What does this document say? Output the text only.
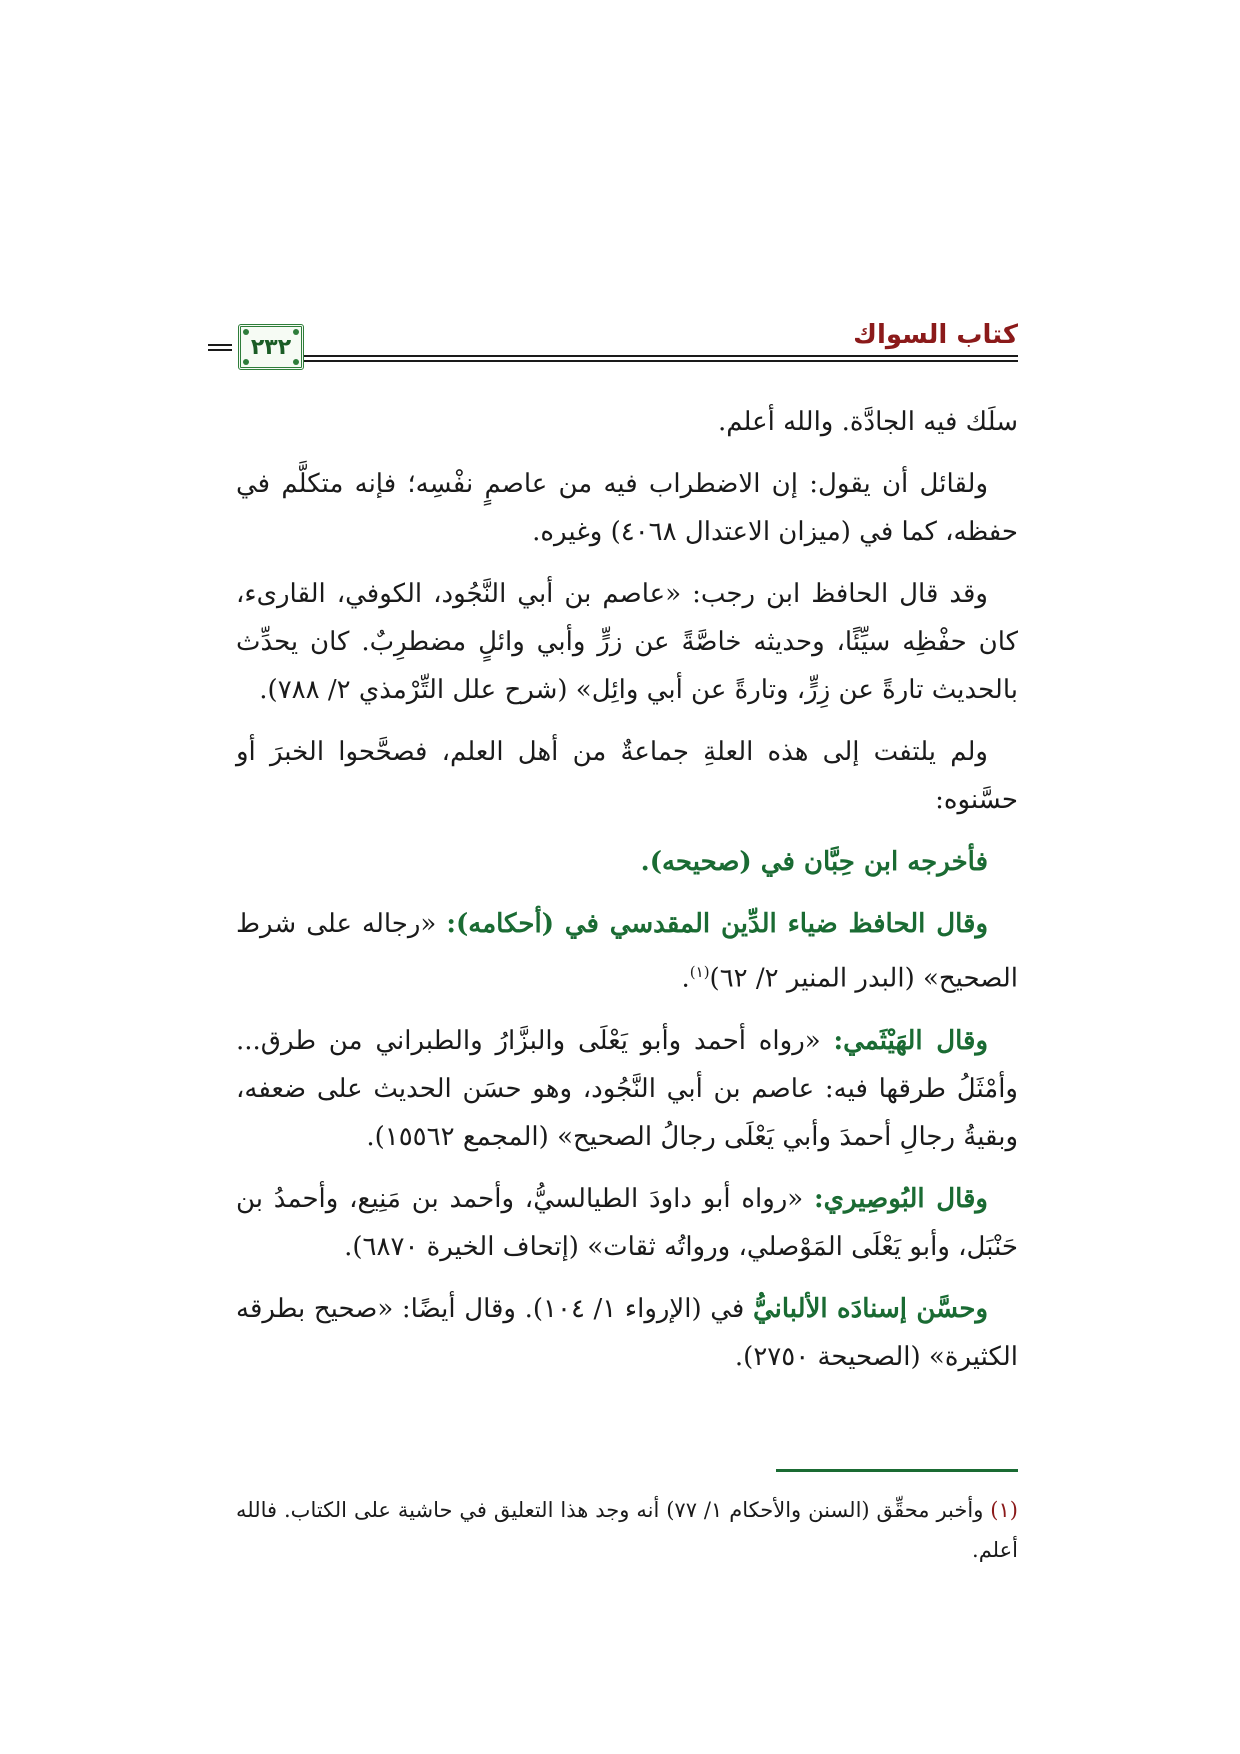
كتاب السواك
٢٣٢

سلَك فيه الجادَّة. والله أعلم.

ولقائل أن يقول: إن الاضطراب فيه من عاصمٍ نفْسِه؛ فإنه متكلَّم في حفظه، كما في (ميزان الاعتدال ٤٠٦٨) وغيره.

وقد قال الحافظ ابن رجب: «عاصم بن أبي النَّجُود، الكوفي، القارىء، كان حفْظِه سيِّئًا، وحديثه خاصَّةً عن زرٍّ وأبي وائلٍ مضطرِبٌ. كان يحدِّث بالحديث تارةً عن زِرٍّ، وتارةً عن أبي وائِل» (شرح علل التِّرْمذي ٢/ ٧٨٨).

ولم يلتفت إلى هذه العلةِ جماعةٌ من أهل العلم، فصحَّحوا الخبرَ أو حسَّنوه:

فأخرجه ابن حِبَّان في (صحيحه).

وقال الحافظ ضياء الدِّين المقدسي في (أحكامه): «رجاله على شرط الصحيح» (البدر المنير ٢/ ٦٢)$^{(١)}$.

وقال الهَيْثَمي: «رواه أحمد وأبو يَعْلَى والبزَّارُ والطبراني من طرق... وأمْثَلُ طرقها فيه: عاصم بن أبي النَّجُود، وهو حسَن الحديث على ضعفه، وبقيةُ رجالِ أحمدَ وأبي يَعْلَى رجالُ الصحيح» (المجمع ١٥٥٦٢).

وقال البُوصِيري: «رواه أبو داودَ الطيالسيُّ، وأحمد بن مَنِيع، وأحمدُ بن حَنْبَل، وأبو يَعْلَى المَوْصلي، ورواتُه ثقات» (إتحاف الخيرة ٦٨٧٠).

وحسَّن إسنادَه الألبانيُّ في (الإرواء ١/ ١٠٤). وقال أيضًا: «صحيح بطرقه الكثيرة» (الصحيحة ٢٧٥٠).

(١) وأخبر محقِّق (السنن والأحكام ١/ ٧٧) أنه وجد هذا التعليق في حاشية على الكتاب. فالله أعلم.
